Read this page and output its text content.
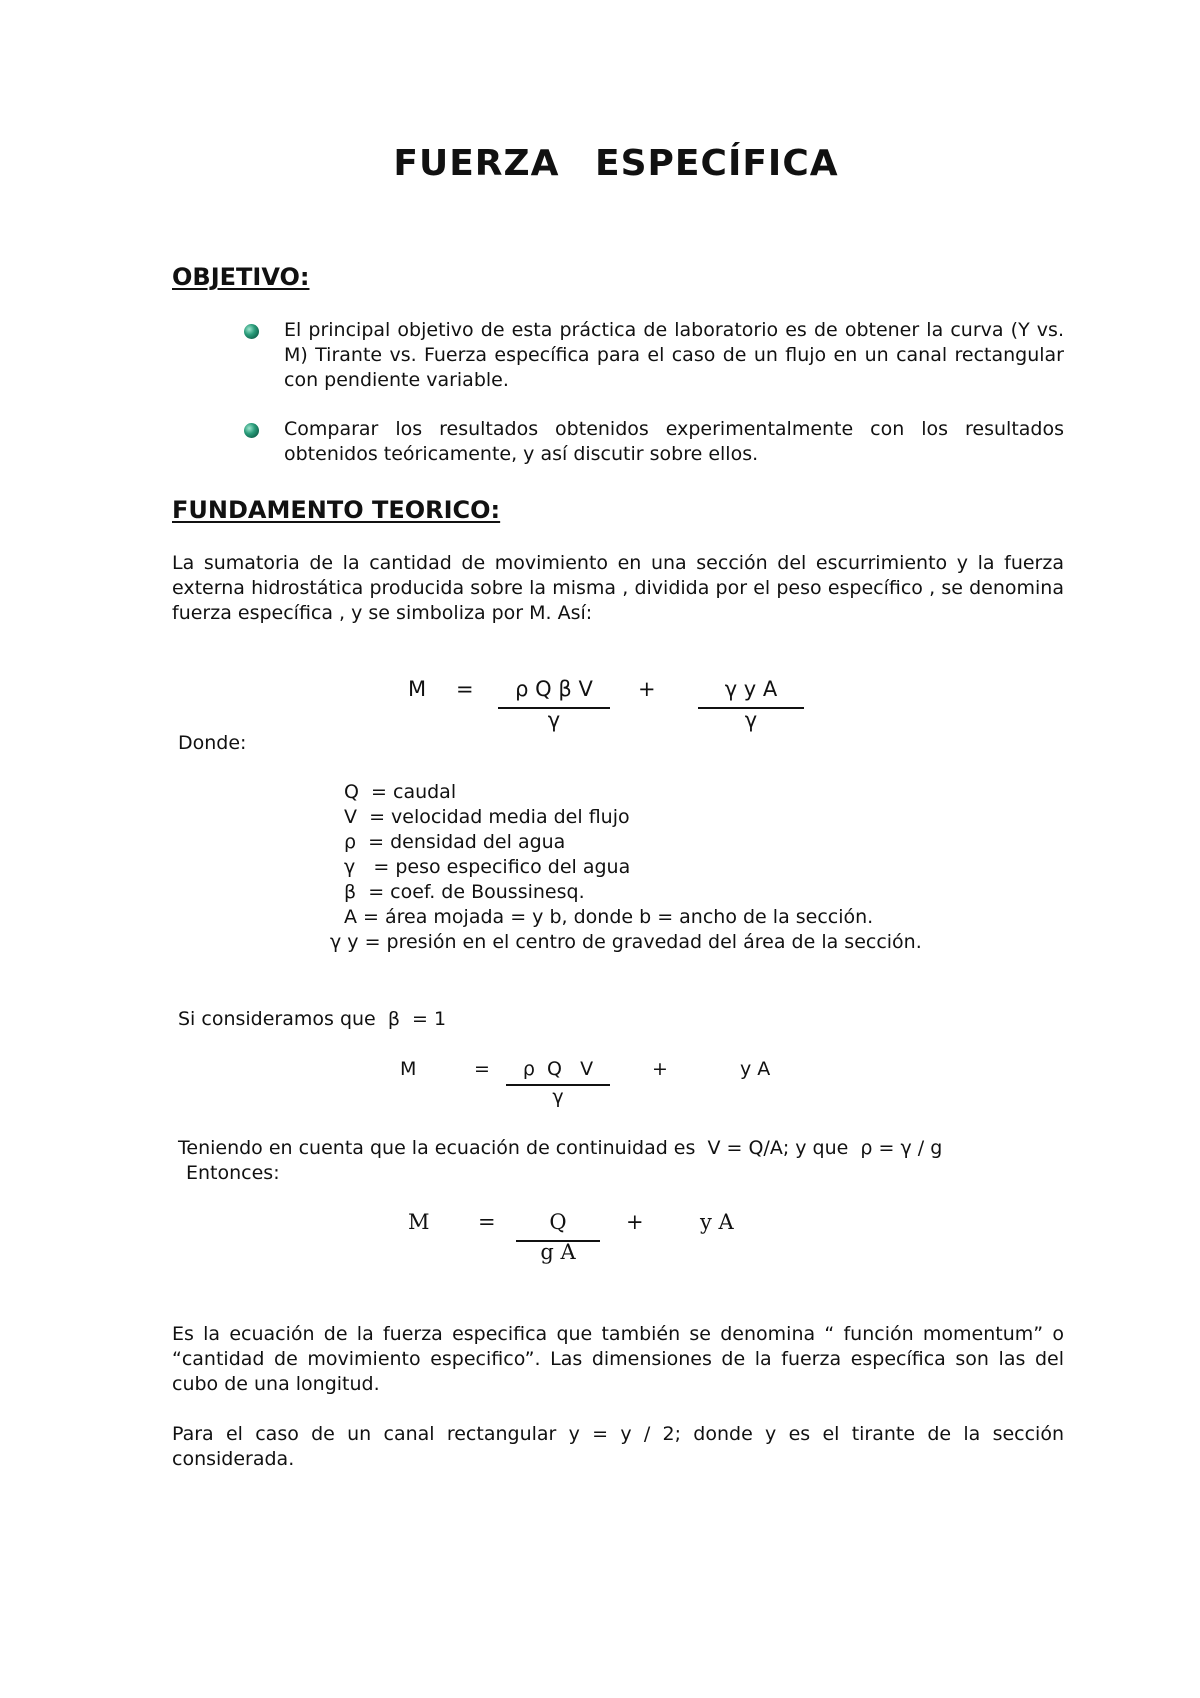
FUERZA ESPECÍFICA
OBJETIVO:
El principal objetivo de esta práctica de laboratorio es de obtener la curva (Y vs. M) Tirante vs. Fuerza específica para el caso de un flujo en un canal rectangular con pendiente variable.
Comparar los resultados obtenidos experimentalmente con los resultados obtenidos teóricamente, y así discutir sobre ellos.
FUNDAMENTO TEORICO:
La sumatoria de la cantidad de movimiento en una sección del escurrimiento y la fuerza externa hidrostática producida sobre la misma , dividida por el peso específico , se denomina fuerza específica , y se simboliza por M. Así:
M =	ρ Q β V
γ
+	γ y A
γ
Donde:
Q  = caudal
V  = velocidad media del flujo
ρ  = densidad del agua
γ   = peso especifico del agua
β  = coef. de Boussinesq.
A = área mojada = y b, donde b = ancho de la sección.
γ y = presión en el centro de gravedad del área de la sección.
Si consideramos que  β  = 1
M	=	ρ  Q   V
γ
+	y A
Teniendo en cuenta que la ecuación de continuidad es  V = Q/A; y que  ρ = γ / g
Entonces:
M =	Q
g A
+	y A
Es la ecuación de la fuerza especifica que también se denomina “ función momentum” o “cantidad de movimiento especifico”. Las dimensiones de la fuerza específica son las del cubo de una longitud.
Para el caso de un canal rectangular y = y / 2; donde y es el tirante de la sección considerada.
